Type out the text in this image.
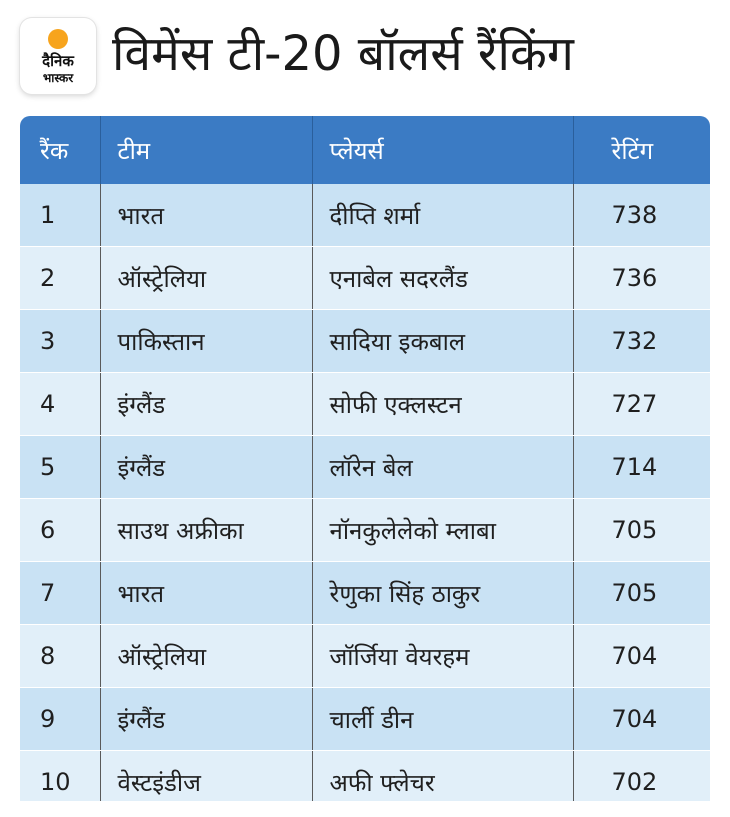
दैनिक
भास्कर विमेंस टी-20 बॉलर्स रैंकिंग
रैंक	टीम	प्लेयर्स	रेटिंग
1	भारत	दीप्ति शर्मा	738
2	ऑस्ट्रेलिया	एनाबेल सदरलैंड	736
3	पाकिस्तान	सादिया इकबाल	732
4	इंग्लैंड	सोफी एक्लस्टन	727
5	इंग्लैंड	लॉरेन बेल	714
6	साउथ अफ्रीका	नॉनकुलेलेको म्लाबा	705
7	भारत	रेणुका सिंह ठाकुर	705
8	ऑस्ट्रेलिया	जॉर्जिया वेयरहम	704
9	इंग्लैंड	चार्ली डीन	704
10	वेस्टइंडीज	अफी फ्लेचर	702
